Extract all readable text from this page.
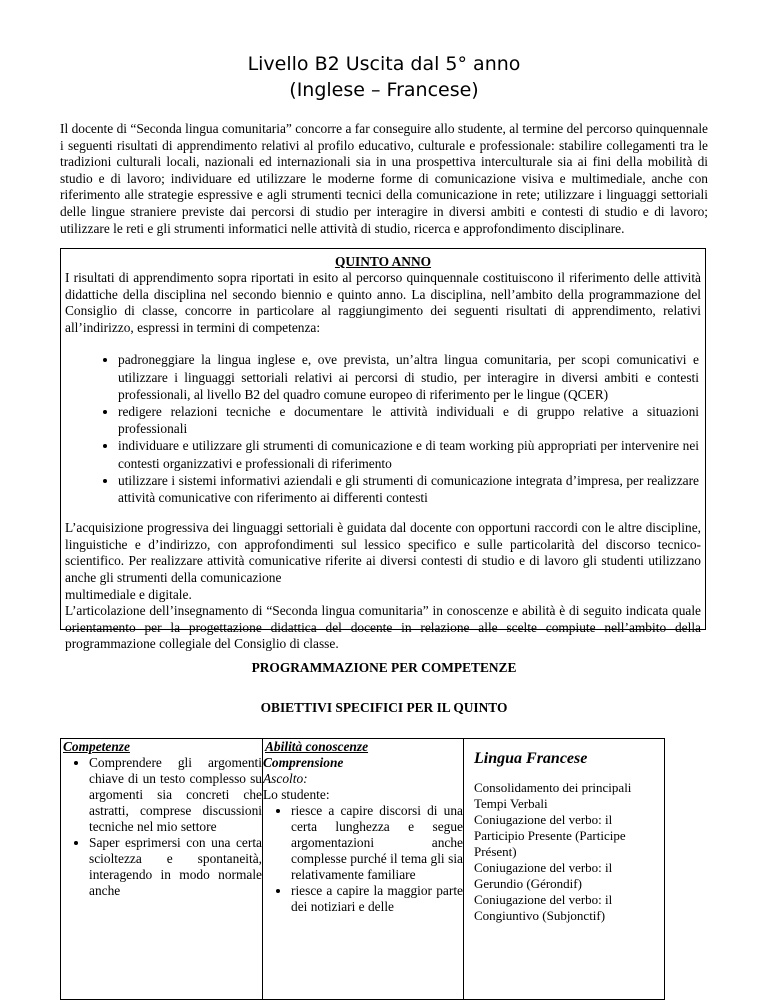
Livello B2 Uscita dal 5° anno
(Inglese – Francese)
Il docente di “Seconda lingua comunitaria” concorre a far conseguire allo studente, al termine del percorso quinquennale i seguenti risultati di apprendimento relativi al profilo educativo, culturale e professionale: stabilire collegamenti tra le tradizioni culturali locali, nazionali ed internazionali sia in una prospettiva interculturale sia ai fini della mobilità di studio e di lavoro; individuare ed utilizzare le moderne forme di comunicazione visiva e multimediale, anche con riferimento alle strategie espressive e agli strumenti tecnici della comunicazione in rete; utilizzare i linguaggi settoriali delle lingue straniere previste dai percorsi di studio per interagire in diversi ambiti e contesti di studio e di lavoro; utilizzare le reti e gli strumenti informatici nelle attività di studio, ricerca e approfondimento disciplinare.
QUINTO ANNO

I risultati di apprendimento sopra riportati in esito al percorso quinquennale costituiscono il riferimento delle attività didattiche della disciplina nel secondo biennio e quinto anno. La disciplina, nell’ambito della programmazione del Consiglio di classe, concorre in particolare al raggiungimento dei seguenti risultati di apprendimento, relativi all’indirizzo, espressi in termini di competenza:

• padroneggiare la lingua inglese e, ove prevista, un’altra lingua comunitaria, per scopi comunicativi e utilizzare i linguaggi settoriali relativi ai percorsi di studio, per interagire in diversi ambiti e contesti professionali, al livello B2 del quadro comune europeo di riferimento per le lingue (QCER)
• redigere relazioni tecniche e documentare le attività individuali e di gruppo relative a situazioni professionali
• individuare e utilizzare gli strumenti di comunicazione e di team working più appropriati per intervenire nei contesti organizzativi e professionali di riferimento
• utilizzare i sistemi informativi aziendali e gli strumenti di comunicazione integrata d’impresa, per realizzare attività comunicative con riferimento ai differenti contesti

L’acquisizione progressiva dei linguaggi settoriali è guidata dal docente con opportuni raccordi con le altre discipline, linguistiche e d’indirizzo, con approfondimenti sul lessico specifico e sulle particolarità del discorso tecnico-scientifico. Per realizzare attività comunicative riferite ai diversi contesti di studio e di lavoro gli studenti utilizzano anche gli strumenti della comunicazione

multimediale e digitale.

L’articolazione dell’insegnamento di “Seconda lingua comunitaria” in conoscenze e abilità è di seguito indicata quale orientamento per la progettazione didattica del docente in relazione alle scelte compiute nell’ambito della programmazione collegiale del Consiglio di classe.

PROGRAMMAZIONE PER COMPETENZE
OBIETTIVI SPECIFICI PER IL QUINTO
Competenze
• Comprendere gli argomenti chiave di un testo complesso su argomenti sia concreti che astratti, comprese discussioni tecniche nel mio settore
• Saper esprimersi con una certa scioltezza e spontaneità, interagendo in modo normale anche

Abilità conoscenze
Comprensione
Ascolto:
Lo studente:
• riesce a capire discorsi di una certa lunghezza e segue argomentazioni anche complesse purché il tema gli sia relativamente familiare
• riesce a capire la maggior parte dei notiziari e delle

Lingua Francese
Consolidamento dei principali Tempi Verbali
Coniugazione del verbo: il Participio Presente (Participe Présent)
Coniugazione del verbo: il Gerundio (Gérondif)
Coniugazione del verbo: il Congiuntivo (Subjonctif)
